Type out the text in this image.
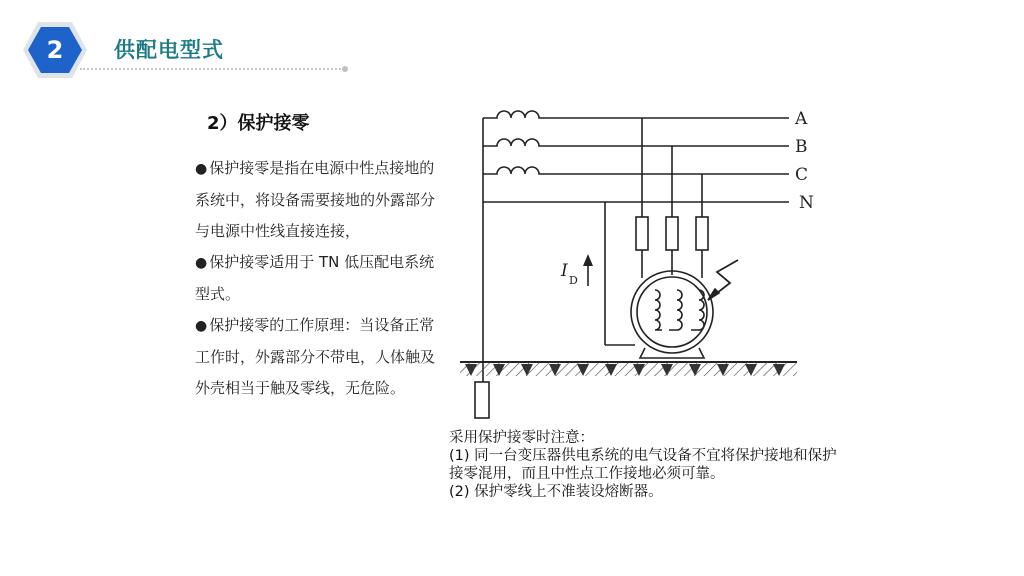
2	供配电型式
2）保护接零
● 保护接零是指在电源中性点接地的系统中，将设备需要接地的外露部分与电源中性线直接连接，
● 保护接零适用于 TN 低压配电系统型式。
● 保护接零的工作原理：当设备正常工作时，外露部分不带电，人体触及外壳相当于触及零线，无危险。
A
B
C
N
I D
采用保护接零时注意：
(1) 同一台变压器供电系统的电气设备不宜将保护接地和保护接零混用，而且中性点工作接地必须可靠。
(2) 保护零线上不准装设熔断器。
